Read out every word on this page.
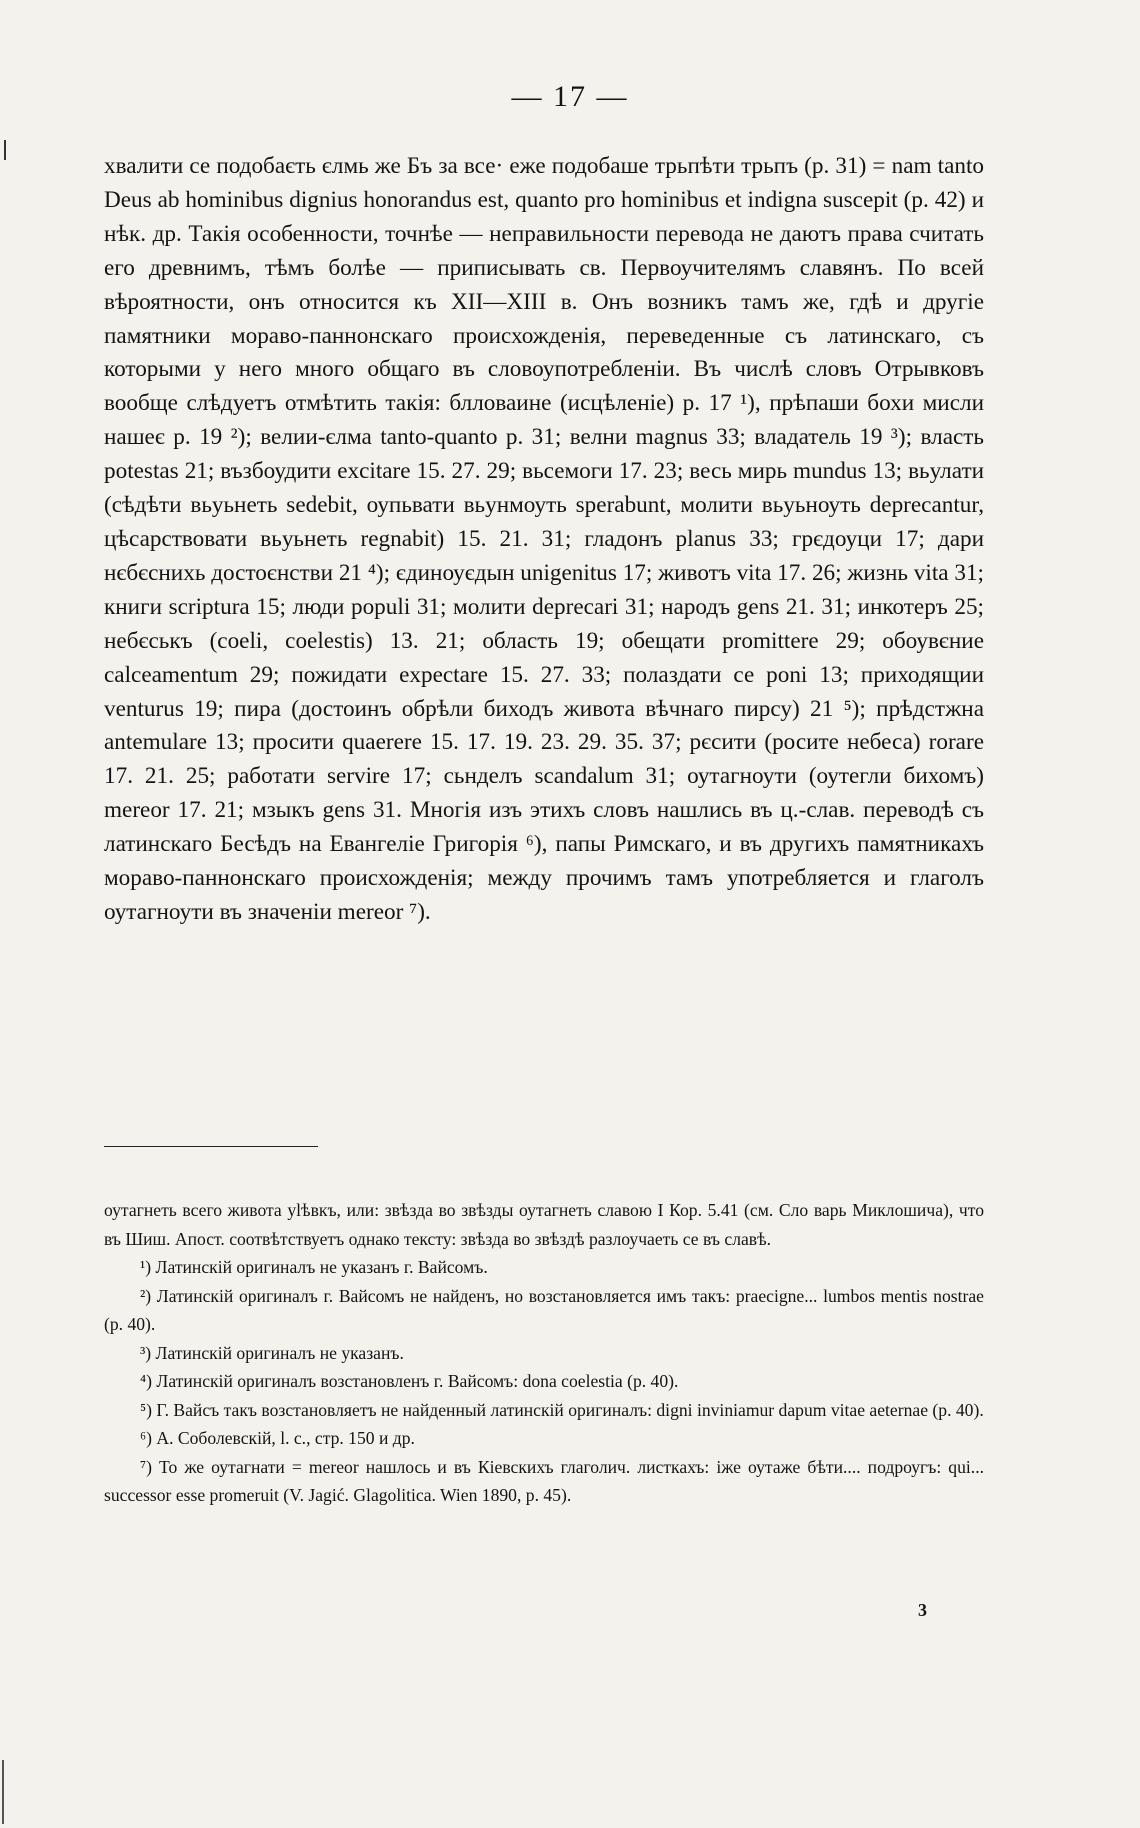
— 17 —

хвалити се подобаєть єлмь же Бъ за все· еже подобаше трьпѣти трьпъ (р. 31) = nam tanto Deus ab hominibus dignius honorandus est, quanto pro hominibus et indigna suscepit (р. 42) и нѣк. др. Такія особенности, точнѣе — неправильности перевода не даютъ права считать его древнимъ, тѣмъ болѣе — приписывать св. Первоучителямъ славянъ. По всей вѣроятности, онъ относится къ XII—XIII в. Онъ возникъ тамъ же, гдѣ и другіе памятники мораво-паннонскаго происхожденія, переведенные съ латинскаго, съ которыми у него много общаго въ словоупотребленіи. Въ числѣ словъ Отрывковъ вообще слѣдуетъ отмѣтить такія: блловаине (исцѣленіе) р. 17 ¹), прѣпаши бохи мисли нашеє р. 19 ²); велии-єлма tanto-quanto р. 31; велни magnus 33; владатель 19 ³); власть potestas 21; възбоудити excitare 15. 27. 29; вьсемоги 17. 23; весь мирь mundus 13; вьулати (сѣдѣти вьуьнеть sedebit, оупьвати вьунмоуть sperabunt, молити вьуьноуть deprecantur, цѣсарствовати вьуьнеть regnabit) 15. 21. 31; гладонъ planus 33; грєдоуци 17; дари нєбєснихь достоєнстви 21 ⁴); єдиноуєдын unigenitus 17; животъ vita 17. 26; жизнь vita 31; книги scriptura 15; люди populi 31; молити deprecari 31; народъ gens 21. 31; инкотеръ 25; небєськъ (coeli, coelestis) 13. 21; область 19; обещати promittere 29; обоувєние calceamentum 29; пожидати expectare 15. 27. 33; полаздати се poni 13; приходящии venturus 19; пира (достоинъ обрѣли биходъ живота вѣчнаго пирсу) 21 ⁵); прѣдстжна antemulare 13; просити quaerere 15. 17. 19. 23. 29. 35. 37; рєсити (росите небеса) rorare 17. 21. 25; работати servire 17; сьнделъ scandalum 31; оутагноути (оутегли бихомъ) mereor 17. 21; мзыкъ gens 31. Многія изъ этихъ словъ нашлись въ ц.-слав. переводѣ съ латинскаго Бесѣдъ на Евангеліе Григорія ⁶), папы Римскаго, и въ другихъ памятникахъ мораво-паннонскаго происхожденія; между прочимъ тамъ употребляется и глаголъ оутагноути въ значеніи mereor ⁷).

оутагнеть всего живота уlѣвкъ, или: звѣзда во звѣзды оутагнеть славою I Кор. 5.41 (см. Сло варь Миклошича), что въ Шиш. Апост. соотвѣтствуетъ однако тексту: звѣзда во звѣздѣ разлоучаеть се въ славѣ.

¹) Латинскій оригиналъ не указанъ г. Вайсомъ.

²) Латинскій оригиналъ г. Вайсомъ не найденъ, но возстановляется имъ такъ: praecigne... lumbos mentis nostrae (р. 40).

³) Латинскій оригиналъ не указанъ.

⁴) Латинскій оригиналъ возстановленъ г. Вайсомъ: dona coelestia (р. 40).

⁵) Г. Вайсъ такъ возстановляетъ не найденный латинскій оригиналъ: digni inviniamur dapum vitae aeternae (р. 40).

⁶) А. Соболевскій, l. c., стр. 150 и др.

⁷) То же оутагнати = mereor нашлось и въ Кіевскихъ глаголич. листкахъ: іже оутаже бѣти.... подроугъ: qui... successor esse promeruit (V. Jagić. Glagolitica. Wien 1890, p. 45).

3
